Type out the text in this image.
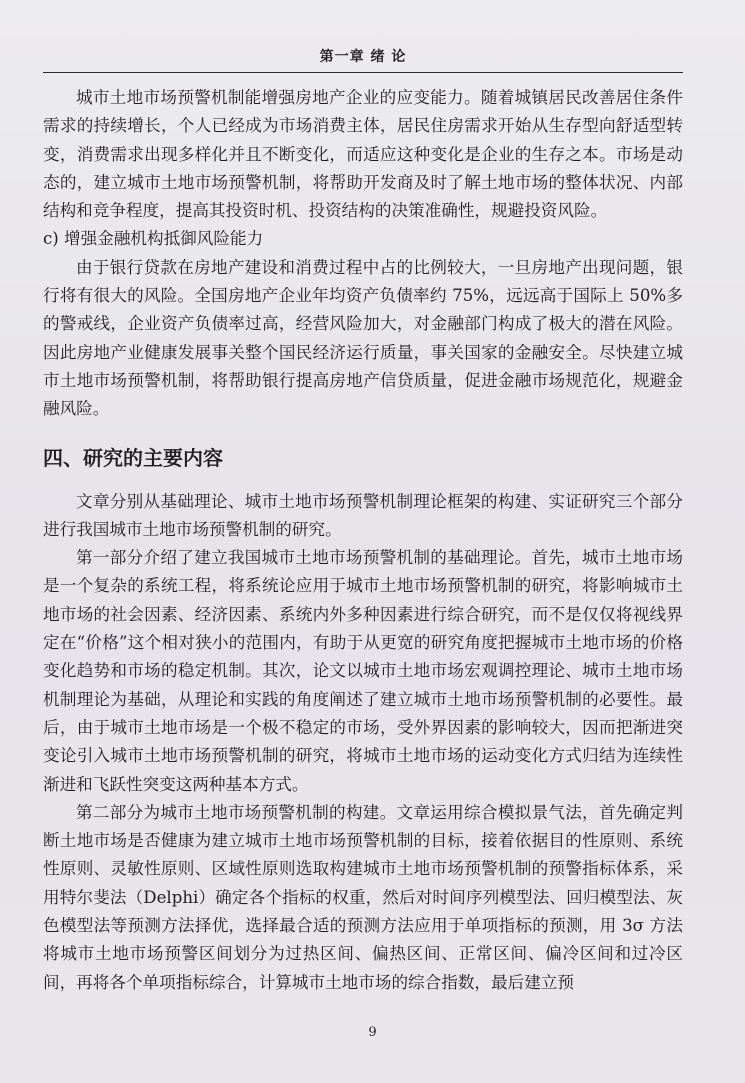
第一章 绪 论

城市土地市场预警机制能增强房地产企业的应变能力。随着城镇居民改善居住条件需求的持续增长，个人已经成为市场消费主体，居民住房需求开始从生存型向舒适型转变，消费需求出现多样化并且不断变化，而适应这种变化是企业的生存之本。市场是动态的，建立城市土地市场预警机制，将帮助开发商及时了解土地市场的整体状况、内部结构和竞争程度，提高其投资时机、投资结构的决策准确性，规避投资风险。

c) 增强金融机构抵御风险能力

由于银行贷款在房地产建设和消费过程中占的比例较大，一旦房地产出现问题，银行将有很大的风险。全国房地产企业年均资产负债率约 75%，远远高于国际上 50%多的警戒线，企业资产负债率过高，经营风险加大，对金融部门构成了极大的潜在风险。因此房地产业健康发展事关整个国民经济运行质量，事关国家的金融安全。尽快建立城市土地市场预警机制，将帮助银行提高房地产信贷质量，促进金融市场规范化，规避金融风险。

四、研究的主要内容

文章分别从基础理论、城市土地市场预警机制理论框架的构建、实证研究三个部分进行我国城市土地市场预警机制的研究。

第一部分介绍了建立我国城市土地市场预警机制的基础理论。首先，城市土地市场是一个复杂的系统工程，将系统论应用于城市土地市场预警机制的研究，将影响城市土地市场的社会因素、经济因素、系统内外多种因素进行综合研究，而不是仅仅将视线界定在“价格”这个相对狭小的范围内，有助于从更宽的研究角度把握城市土地市场的价格变化趋势和市场的稳定机制。其次，论文以城市土地市场宏观调控理论、城市土地市场机制理论为基础，从理论和实践的角度阐述了建立城市土地市场预警机制的必要性。最后，由于城市土地市场是一个极不稳定的市场，受外界因素的影响较大，因而把渐进突变论引入城市土地市场预警机制的研究，将城市土地市场的运动变化方式归结为连续性渐进和飞跃性突变这两种基本方式。

第二部分为城市土地市场预警机制的构建。文章运用综合模拟景气法，首先确定判断土地市场是否健康为建立城市土地市场预警机制的目标，接着依据目的性原则、系统性原则、灵敏性原则、区域性原则选取构建城市土地市场预警机制的预警指标体系，采用特尔斐法（Delphi）确定各个指标的权重，然后对时间序列模型法、回归模型法、灰色模型法等预测方法择优，选择最合适的预测方法应用于单项指标的预测，用 3σ 方法将城市土地市场预警区间划分为过热区间、偏热区间、正常区间、偏冷区间和过冷区间，再将各个单项指标综合，计算城市土地市场的综合指数，最后建立预

9
